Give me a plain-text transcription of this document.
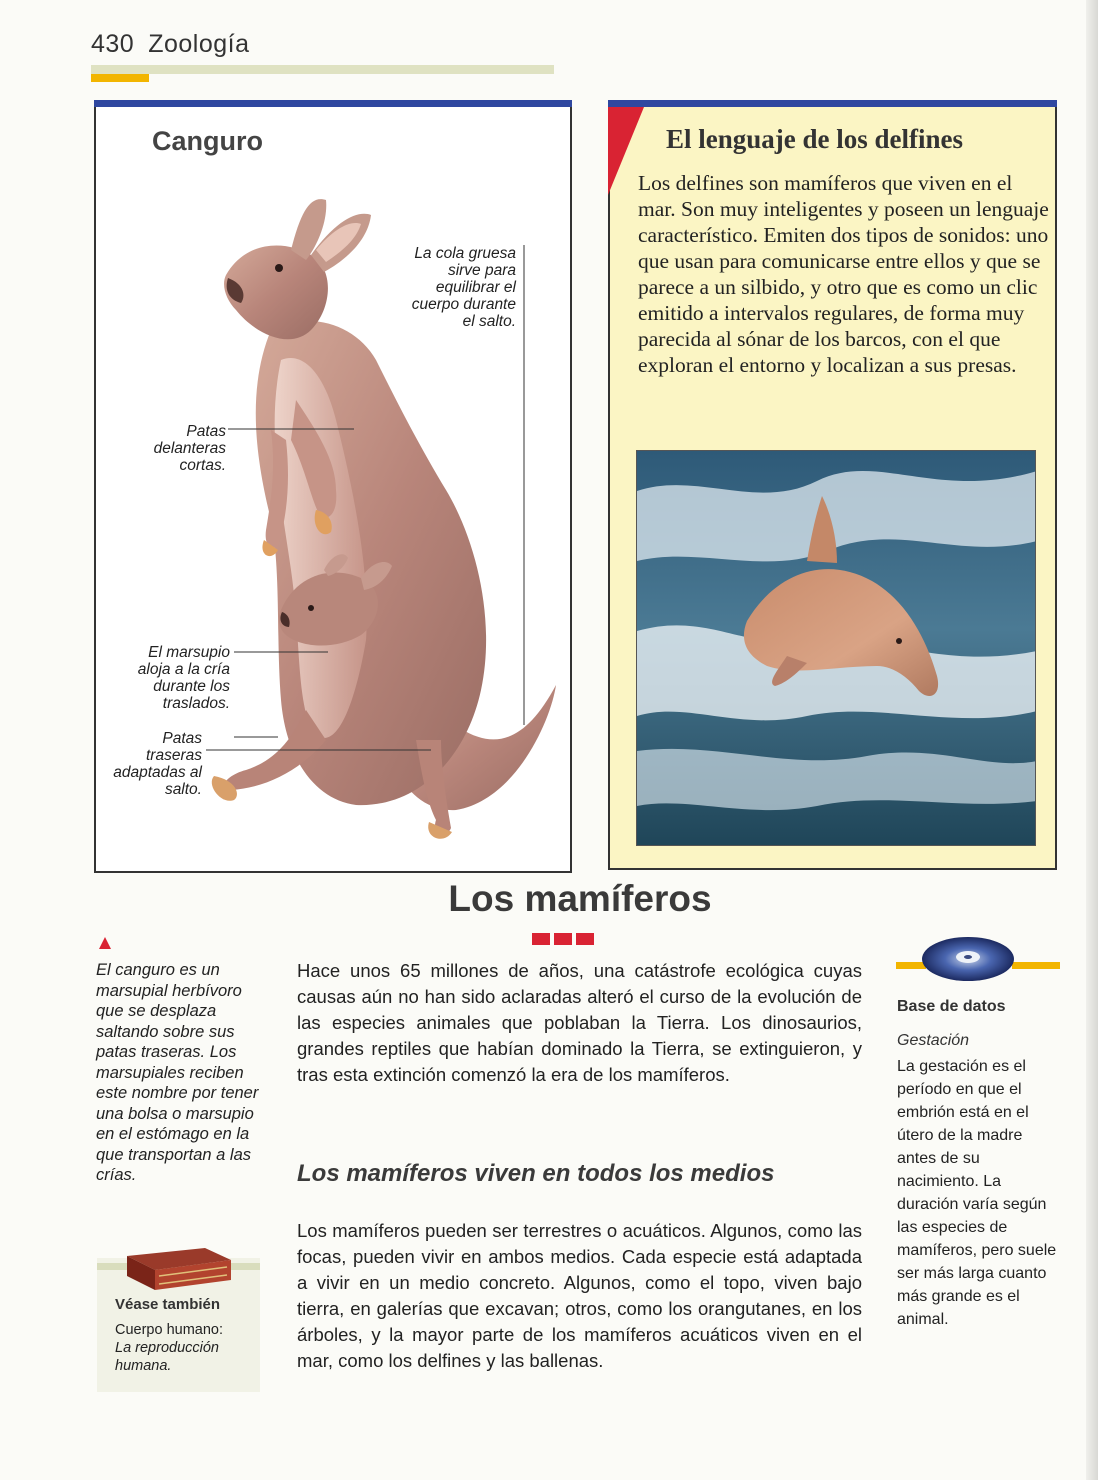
430 Zoología
Canguro
La cola gruesa sirve para equilibrar el cuerpo durante el salto.
Patas delanteras cortas.
El marsupio aloja a la cría durante los traslados.
Patas traseras adaptadas al salto.
El lenguaje de los delfines
Los delfines son mamíferos que viven en el mar. Son muy inteligentes y poseen un lenguaje característico. Emiten dos tipos de sonidos: uno que usan para comunicarse entre ellos y que se parece a un silbido, y otro que es como un clic emitido a intervalos regulares, de forma muy parecida al sónar de los barcos, con el que exploran el entorno y localizan a sus presas.
Los mamíferos
El canguro es un marsupial herbívoro que se desplaza saltando sobre sus patas traseras. Los marsupiales reciben este nombre por tener una bolsa o marsupio en el estómago en la que transportan a las crías.
Hace unos 65 millones de años, una catástrofe ecológica cuyas causas aún no han sido aclaradas alteró el curso de la evolución de las especies animales que poblaban la Tierra. Los dinosaurios, grandes reptiles que habían dominado la Tierra, se extinguieron, y tras esta extinción comenzó la era de los mamíferos.
Los mamíferos viven en todos los medios
Los mamíferos pueden ser terrestres o acuáticos. Algunos, como las focas, pueden vivir en ambos medios. Cada especie está adaptada a vivir en un medio concreto. Algunos, como el topo, viven bajo tierra, en galerías que excavan; otros, como los orangutanes, en los árboles, y la mayor parte de los mamíferos acuáticos viven en el mar, como los delfines y las ballenas.
Véase también
Cuerpo humano:
La reproducción humana.
Base de datos
Gestación
La gestación es el período en que el embrión está en el útero de la madre antes de su nacimiento. La duración varía según las especies de mamíferos, pero suele ser más larga cuanto más grande es el animal.
